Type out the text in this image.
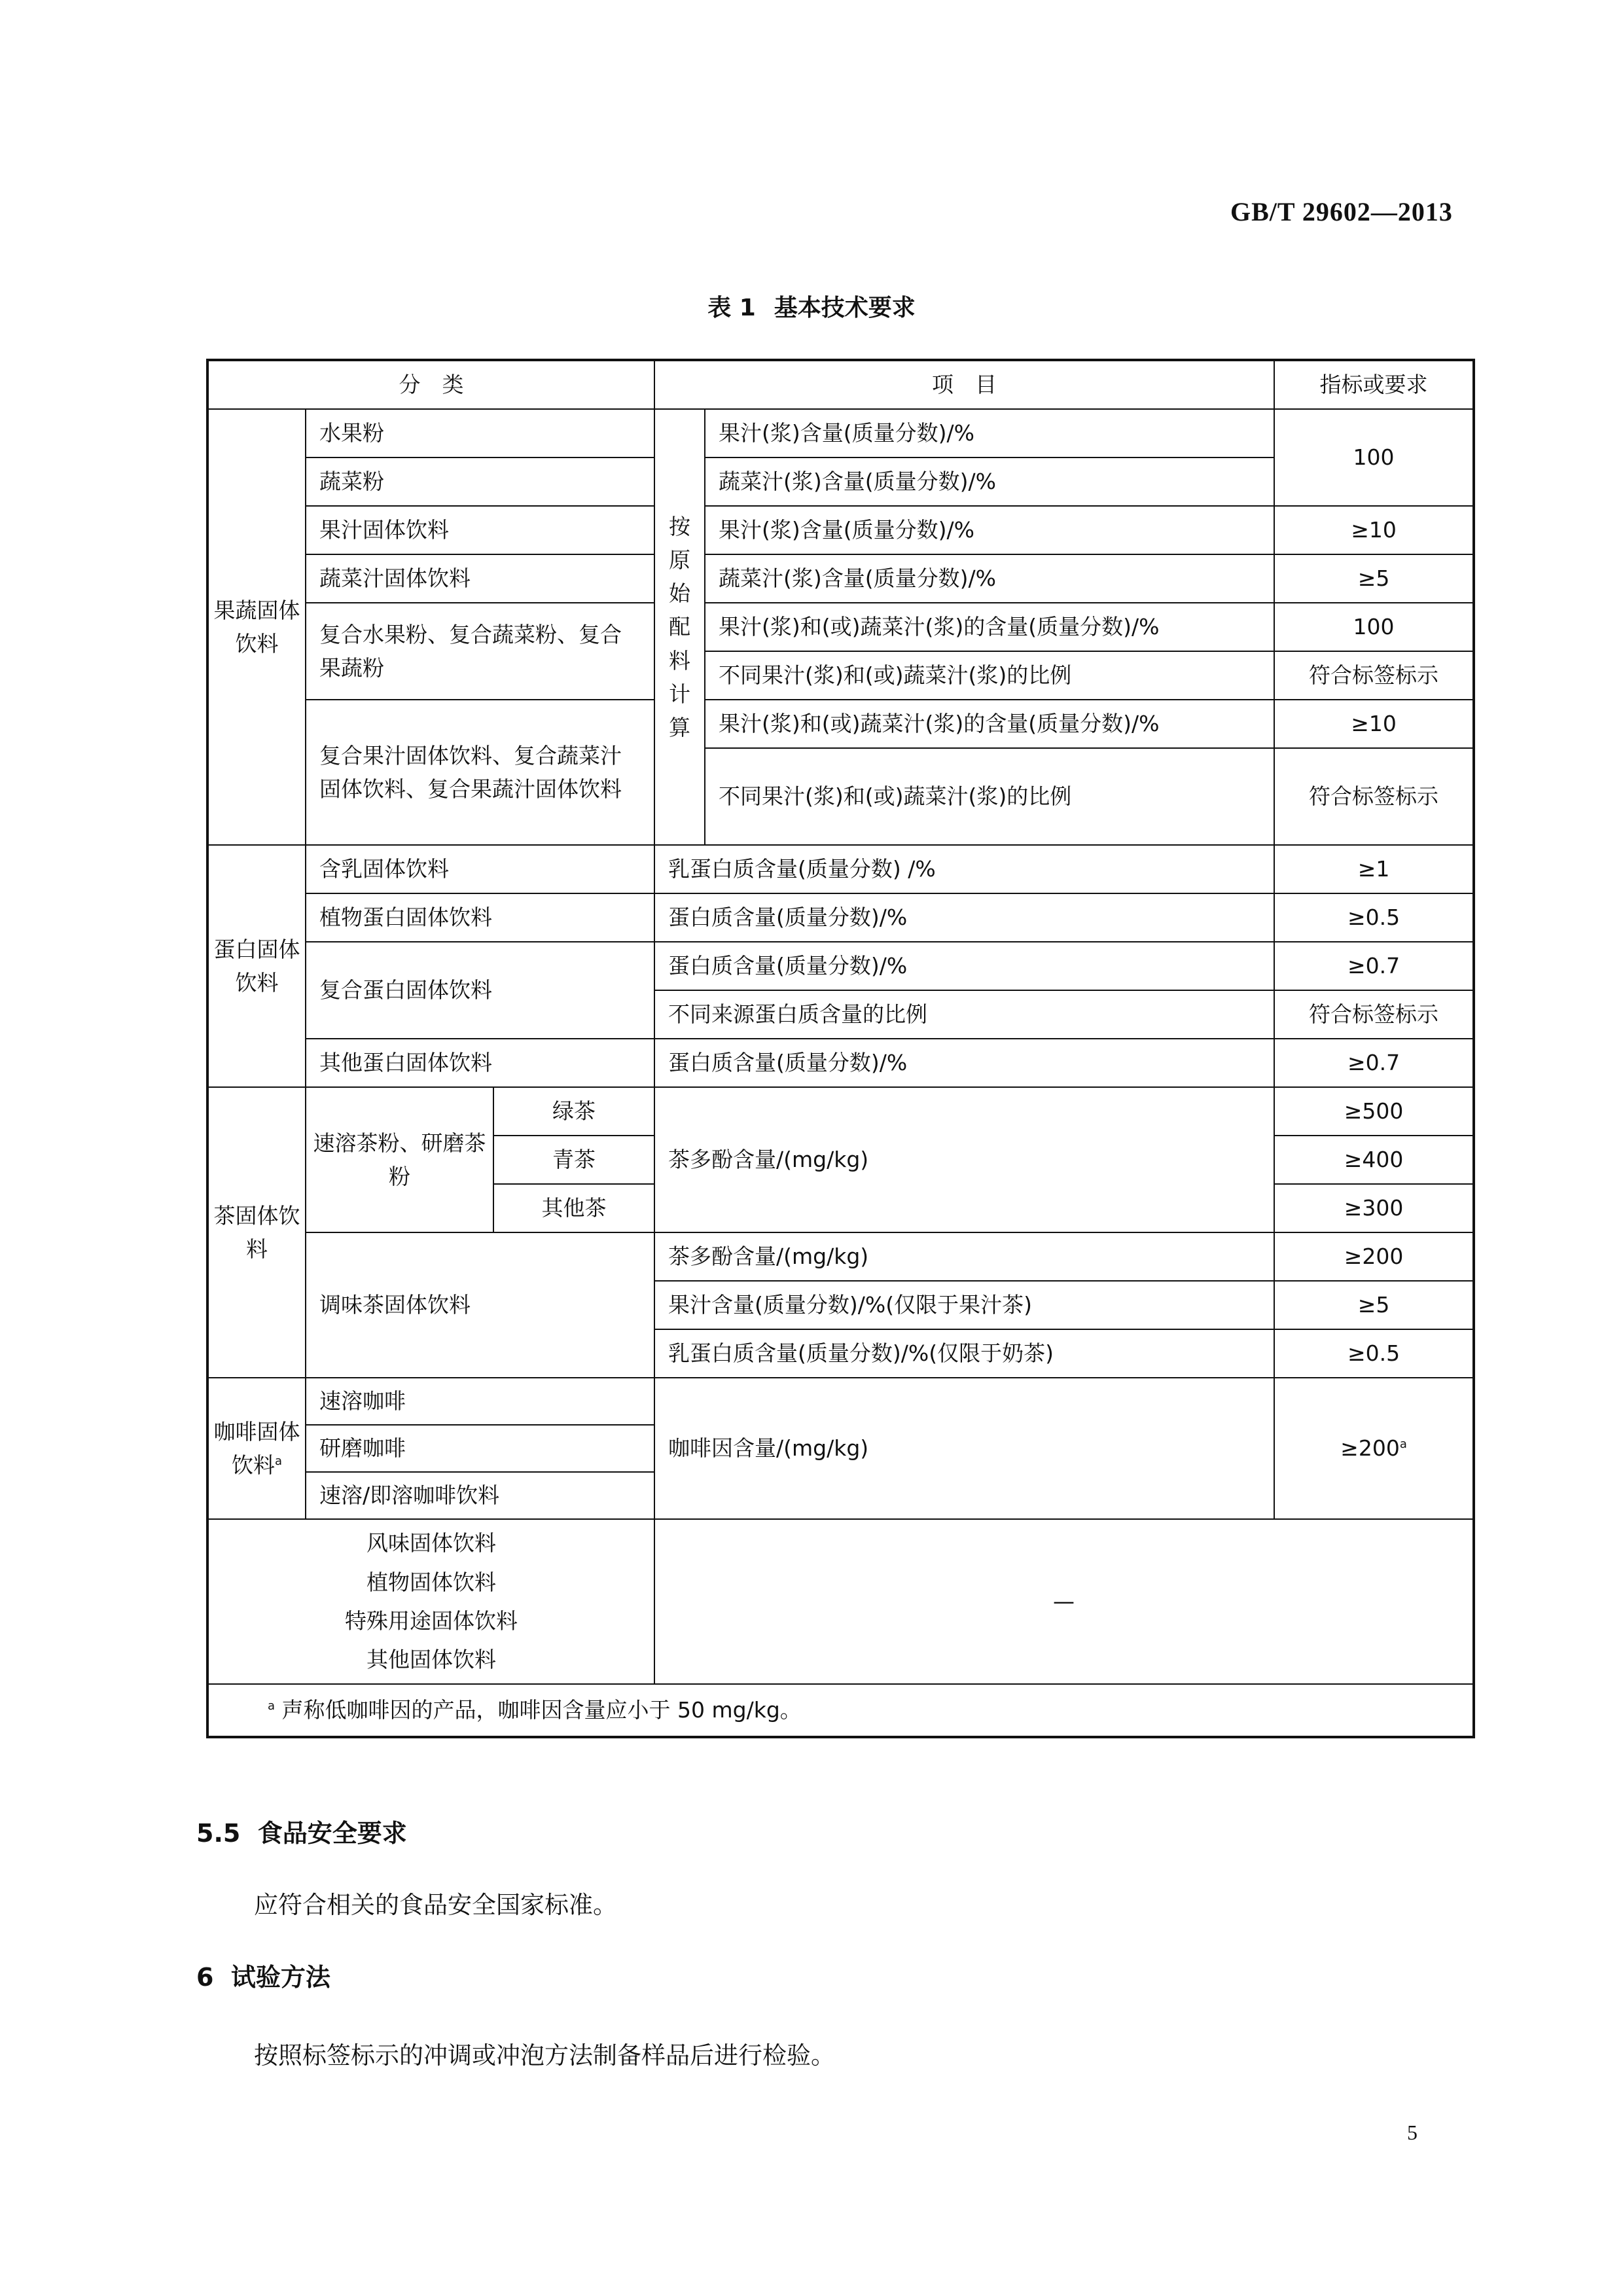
GB/T 29602—2013
表 1 基本技术要求
分　类			项　目		指标或要求
果蔬固体饮料	水果粉		按原始配料计算	果汁(浆)含量(质量分数)/%	100
	蔬菜粉			蔬菜汁(浆)含量(质量分数)/%	
	果汁固体饮料			果汁(浆)含量(质量分数)/%	≥10
	蔬菜汁固体饮料			蔬菜汁(浆)含量(质量分数)/%	≥5
	复合水果粉、复合蔬菜粉、复合果蔬粉			果汁(浆)和(或)蔬菜汁(浆)的含量(质量分数)/%	100
				不同果汁(浆)和(或)蔬菜汁(浆)的比例	符合标签标示
	复合果汁固体饮料、复合蔬菜汁固体饮料、复合果蔬汁固体饮料			果汁(浆)和(或)蔬菜汁(浆)的含量(质量分数)/%	≥10
				不同果汁(浆)和(或)蔬菜汁(浆)的比例	符合标签标示

蛋白固体饮料	含乳固体饮料		乳蛋白质含量(质量分数) /%		≥1
	植物蛋白固体饮料		蛋白质含量(质量分数)/%		≥0.5
	复合蛋白固体饮料		蛋白质含量(质量分数)/%		≥0.7
			不同来源蛋白质含量的比例		符合标签标示
	其他蛋白固体饮料		蛋白质含量(质量分数)/%		≥0.7
茶固体饮料	速溶茶粉、研磨茶粉	绿茶	茶多酚含量/(mg/kg)		≥500
		青茶			≥400
		其他茶			≥300
	调味茶固体饮料		茶多酚含量/(mg/kg)		≥200
			果汁含量(质量分数)/%(仅限于果汁茶)		≥5
			乳蛋白质含量(质量分数)/%(仅限于奶茶)		≥0.5
咖啡固体饮料$^a$	速溶咖啡		咖啡因含量/(mg/kg)		$\ge 200^a$
	研磨咖啡				
	速溶/即溶咖啡饮料				

风味固体饮料
植物固体饮料
特殊用途固体饮料
其他固体饮料			—		
$^a$ 声称低咖啡因的产品，咖啡因含量应小于 50 mg/kg。					
5.5 食品安全要求
应符合相关的食品安全国家标准。
6 试验方法
按照标签标示的冲调或冲泡方法制备样品后进行检验。
5
